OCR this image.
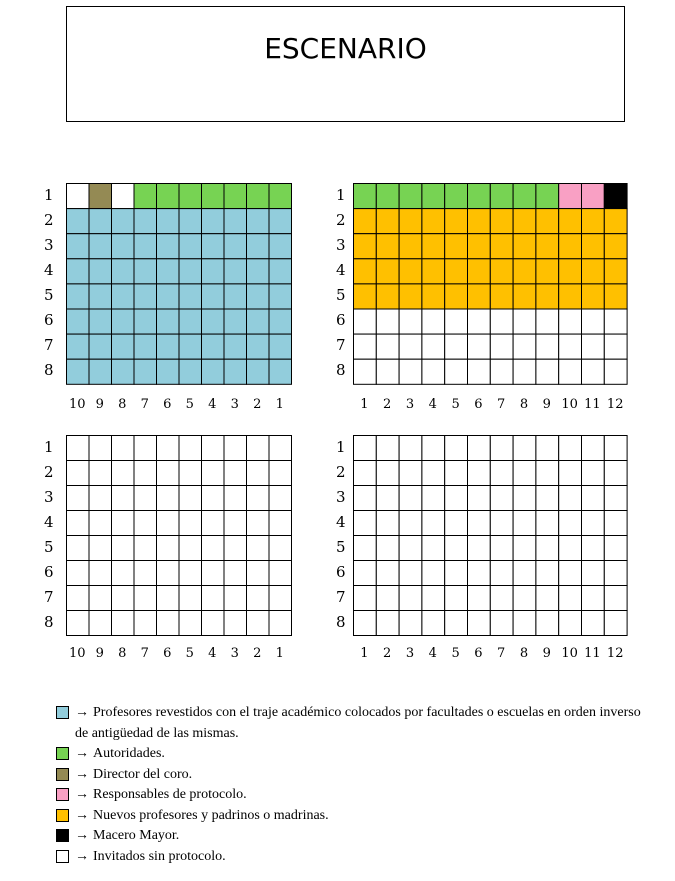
ESCENARIO
→ Profesores revestidos con el traje académico colocados por facultades o escuelas en orden inverso de antigüedad de las mismas.
→ Autoridades.
→ Director del coro.
→ Responsables de protocolo.
→ Nuevos profesores y padrinos o madrinas.
→ Macero Mayor.
→ Invitados sin protocolo.
1
2
3
4
5
6
7
8
10 9	8	7	6	5	4	3	2	1
1
2
3
4
5
6
7
8
1	2	3	4	5	6	7	8	9 10 11 12
1
2
3
4
5
6
7
8
10 9	8	7	6	5	4	3	2	1
1
2
3
4
5
6
7
8
1	2	3	4	5	6	7	8	9 10 11 12
